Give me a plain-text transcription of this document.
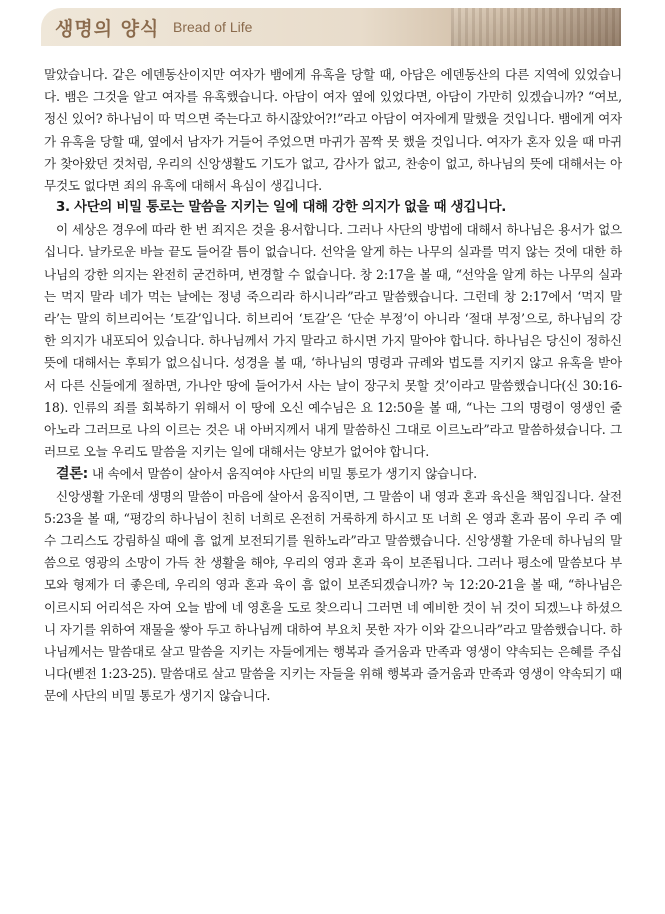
생명의 양식 Bread of Life

말았습니다. 같은 에덴동산이지만 여자가 뱀에게 유혹을 당할 때, 아담은 에덴동산의 다른 지역에 있었습니다. 뱀은 그것을 알고 여자를 유혹했습니다. 아담이 여자 옆에 있었다면, 아담이 가만히 있겠습니까? “여보, 정신 있어? 하나님이 따 먹으면 죽는다고 하시잖았어?!”라고 아담이 여자에게 말했을 것입니다. 뱀에게 여자가 유혹을 당할 때, 옆에서 남자가 거들어 주었으면 마귀가 꼼짝 못 했을 것입니다. 여자가 혼자 있을 때 마귀가 찾아왔던 것처럼, 우리의 신앙생활도 기도가 없고, 감사가 없고, 찬송이 없고, 하나님의 뜻에 대해서는 아무것도 없다면 죄의 유혹에 대해서 욕심이 생깁니다.

3. 사단의 비밀 통로는 말씀을 지키는 일에 대해 강한 의지가 없을 때 생깁니다.

이 세상은 경우에 따라 한 번 죄지은 것을 용서합니다. 그러나 사단의 방법에 대해서 하나님은 용서가 없으십니다. 날카로운 바늘 끝도 들어갈 틈이 없습니다. 선악을 알게 하는 나무의 실과를 먹지 않는 것에 대한 하나님의 강한 의지는 완전히 굳건하며, 변경할 수 없습니다. 창 2:17을 볼 때, “선악을 알게 하는 나무의 실과는 먹지 말라 네가 먹는 날에는 정녕 죽으리라 하시니라”라고 말씀했습니다. 그런데 창 2:17에서 ‘먹지 말라’는 말의 히브리어는 ‘토갈’입니다. 히브리어 ‘토갈’은 ‘단순 부정’이 아니라 ‘절대 부정’으로, 하나님의 강한 의지가 내포되어 있습니다. 하나님께서 가지 말라고 하시면 가지 말아야 합니다. 하나님은 당신이 정하신 뜻에 대해서는 후퇴가 없으십니다. 성경을 볼 때, ‘하나님의 명령과 규례와 법도를 지키지 않고 유혹을 받아서 다른 신들에게 절하면, 가나안 땅에 들어가서 사는 날이 장구치 못할 것’이라고 말씀했습니다(신 30:16-18). 인류의 죄를 회복하기 위해서 이 땅에 오신 예수님은 요 12:50을 볼 때, “나는 그의 명령이 영생인 줄 아노라 그러므로 나의 이르는 것은 내 아버지께서 내게 말씀하신 그대로 이르노라”라고 말씀하셨습니다. 그러므로 오늘 우리도 말씀을 지키는 일에 대해서는 양보가 없어야 합니다.

결론: 내 속에서 말씀이 살아서 움직여야 사단의 비밀 통로가 생기지 않습니다.

신앙생활 가운데 생명의 말씀이 마음에 살아서 움직이면, 그 말씀이 내 영과 혼과 육신을 책임집니다. 살전 5:23을 볼 때, “평강의 하나님이 친히 너희로 온전히 거룩하게 하시고 또 너희 온 영과 혼과 몸이 우리 주 예수 그리스도 강림하실 때에 흠 없게 보전되기를 원하노라”라고 말씀했습니다. 신앙생활 가운데 하나님의 말씀으로 영광의 소망이 가득 찬 생활을 해야, 우리의 영과 혼과 육이 보존됩니다. 그러나 평소에 말씀보다 부모와 형제가 더 좋은데, 우리의 영과 혼과 육이 흠 없이 보존되겠습니까? 눅 12:20-21을 볼 때, “하나님은 이르시되 어리석은 자여 오늘 밤에 네 영혼을 도로 찾으리니 그러면 네 예비한 것이 뉘 것이 되겠느냐 하셨으니 자기를 위하여 재물을 쌓아 두고 하나님께 대하여 부요치 못한 자가 이와 같으니라”라고 말씀했습니다. 하나님께서는 말씀대로 살고 말씀을 지키는 자들에게는 행복과 즐거움과 만족과 영생이 약속되는 은혜를 주십니다(벧전 1:23-25). 말씀대로 살고 말씀을 지키는 자들을 위해 행복과 즐거움과 만족과 영생이 약속되기 때문에 사단의 비밀 통로가 생기지 않습니다.
